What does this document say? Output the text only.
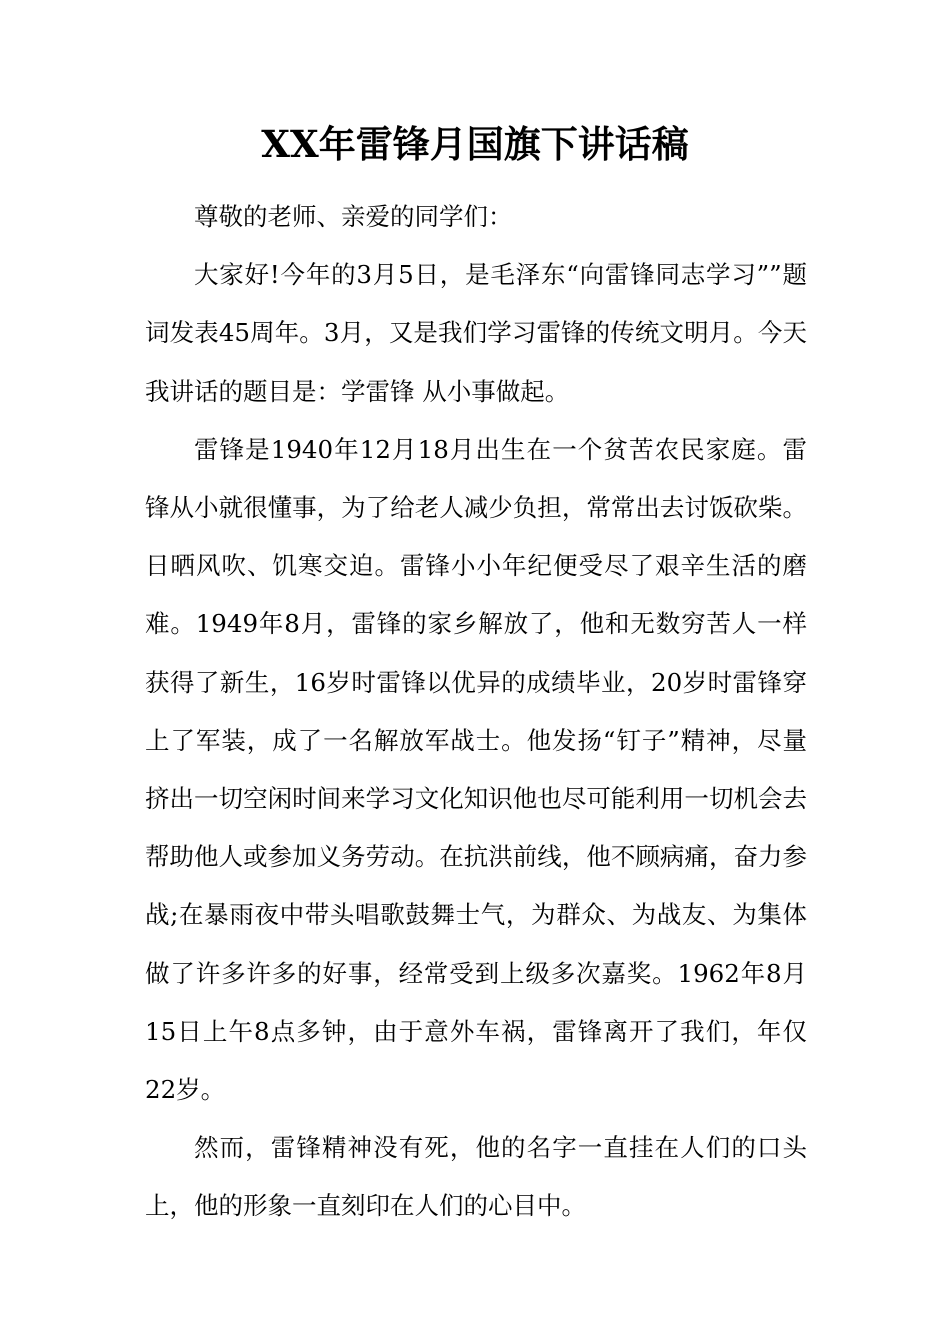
XX年雷锋月国旗下讲话稿

尊敬的老师、亲爱的同学们：

大家好!今年的3月5日，是毛泽东“向雷锋同志学习””题词发表45周年。3月，又是我们学习雷锋的传统文明月。今天我讲话的题目是：学雷锋 从小事做起。

雷锋是1940年12月18月出生在一个贫苦农民家庭。雷锋从小就很懂事，为了给老人减少负担，常常出去讨饭砍柴。日晒风吹、饥寒交迫。雷锋小小年纪便受尽了艰辛生活的磨难。1949年8月，雷锋的家乡解放了，他和无数穷苦人一样获得了新生，16岁时雷锋以优异的成绩毕业，20岁时雷锋穿上了军装，成了一名解放军战士。他发扬“钉子”精神，尽量挤出一切空闲时间来学习文化知识他也尽可能利用一切机会去帮助他人或参加义务劳动。在抗洪前线，他不顾病痛，奋力参战;在暴雨夜中带头唱歌鼓舞士气，为群众、为战友、为集体做了许多许多的好事，经常受到上级多次嘉奖。1962年8月15日上午8点多钟，由于意外车祸，雷锋离开了我们，年仅22岁。

然而，雷锋精神没有死，他的名字一直挂在人们的口头上，他的形象一直刻印在人们的心目中。
